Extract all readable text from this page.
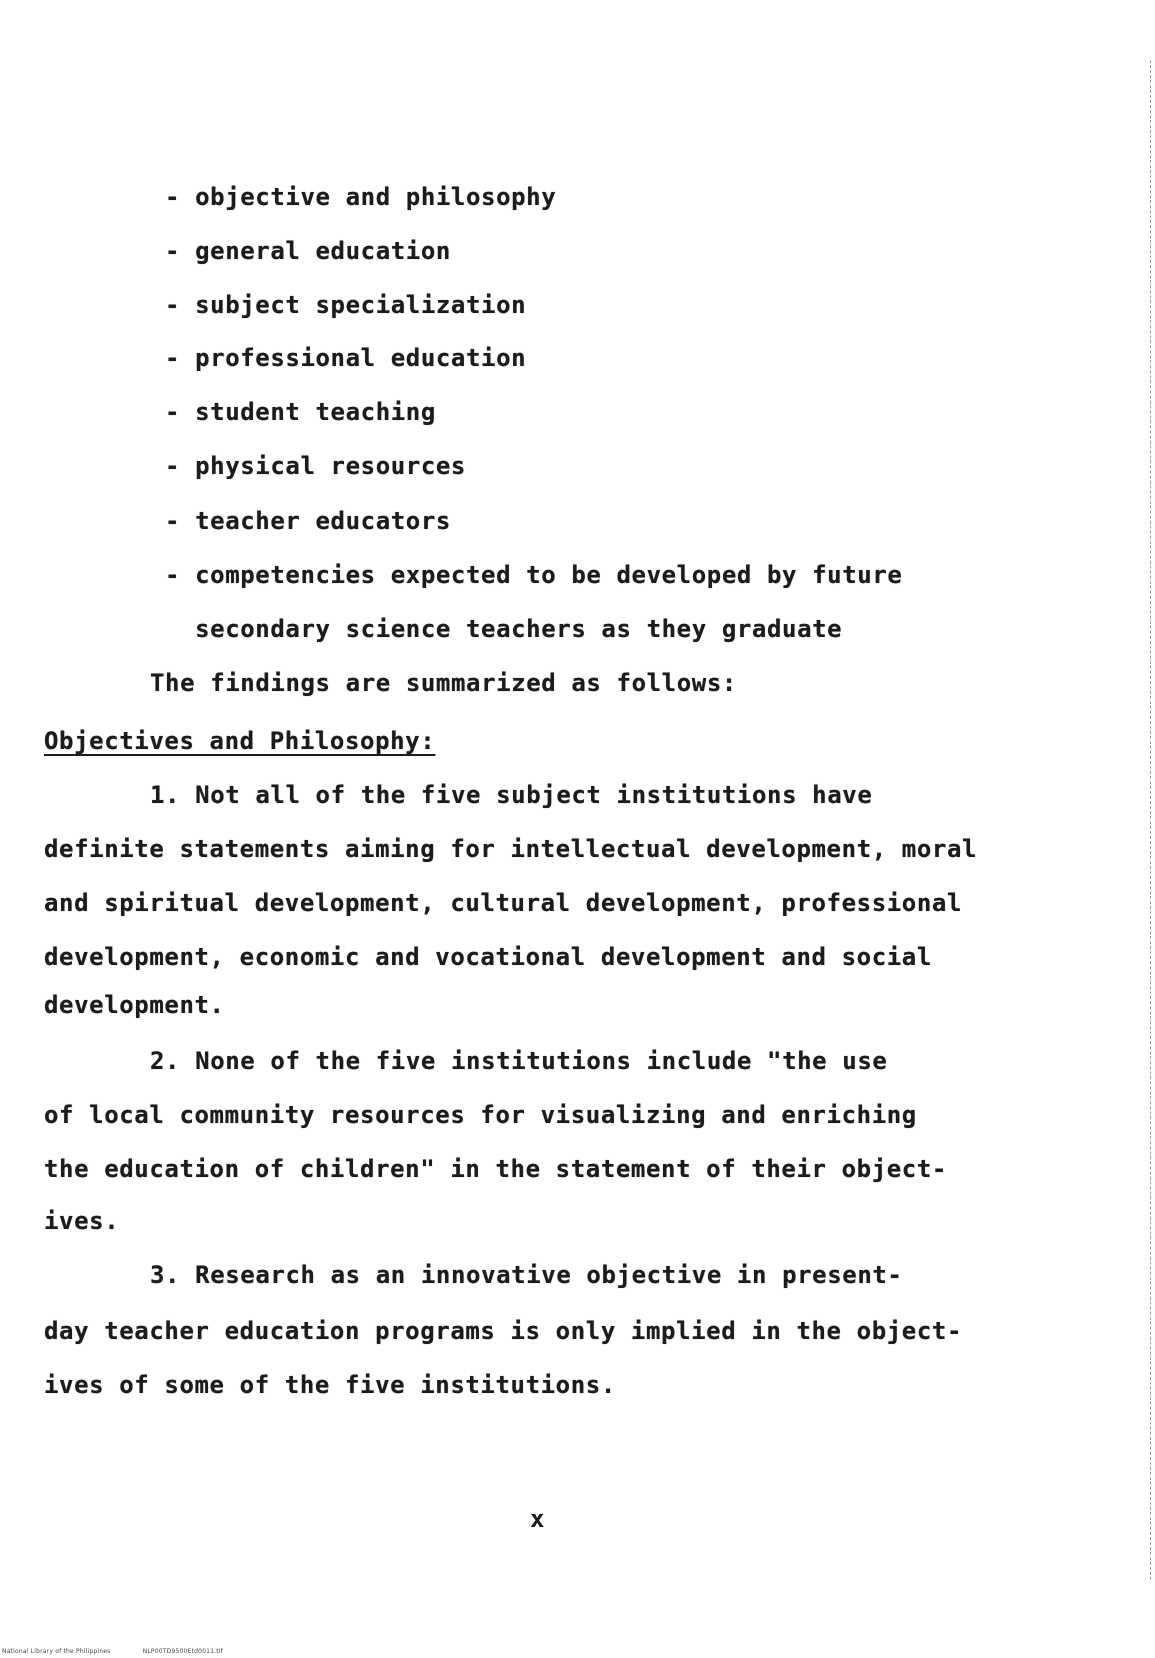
- objective and philosophy
- general education
- subject specialization
- professional education
- student teaching
- physical resources
- teacher educators
- competencies expected to be developed by future
secondary science teachers as they graduate
The findings are summarized as follows:
Objectives and Philosophy:
1. Not all of the five subject institutions have
definite statements aiming for intellectual development, moral
and spiritual development, cultural development, professional
development, economic and vocational development and social
development.
2. None of the five institutions include "the use
of local community resources for visualizing and enriching
the education of children" in the statement of their object-
ives.
3. Research as an innovative objective in present-
day teacher education programs is only implied in the object-
ives of some of the five institutions.
x
National Library of the Philippines	NLP00TD9500Etd0011.tif
